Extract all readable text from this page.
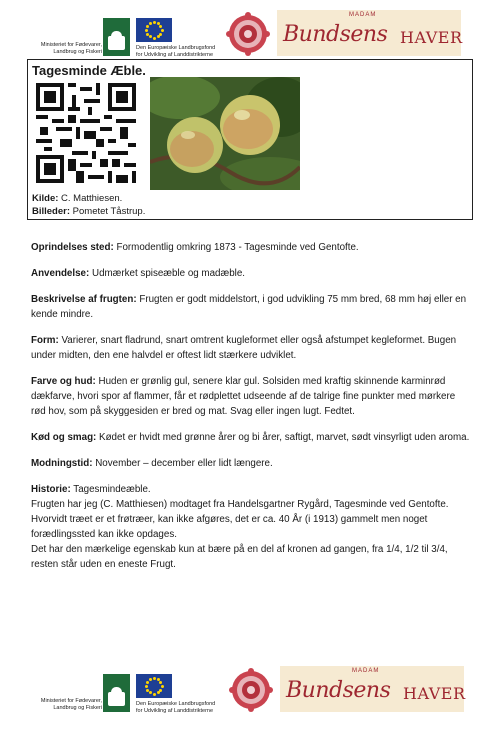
Ministeriet for Fødevarer,
Landbrug og Fiskeri
Den Europæiske Landbrugsfond
for Udvikling af Landdistrikterne
MADAM
Bundsens HAVER
Tagesminde Æble.
Kilde: C. Matthiesen.
Billeder: Pometet Tåstrup.

Oprindelses sted: Formodentlig omkring 1873 - Tagesminde ved Gentofte.

Anvendelse: Udmærket spiseæble og madæble.

Beskrivelse af frugten: Frugten er godt middelstort, i god udvikling 75 mm bred, 68 mm høj eller en kende mindre.

Form: Varierer, snart fladrund, snart omtrent kugleformet eller også afstumpet kegleformet. Bugen under midten, den ene halvdel er oftest lidt stærkere udviklet.

Farve og hud: Huden er grønlig gul, senere klar gul. Solsiden med kraftig skinnende karminrød dækfarve, hvori spor af flammer, får et rødplettet udseende af de talrige fine punkter med mørkere rød hov, som på skyggesiden er bred og mat. Svag eller ingen lugt. Fedtet.

Kød og smag: Kødet er hvidt med grønne årer og bi årer, saftigt, marvet, sødt vinsyrligt uden aroma.

Modningstid: November – december eller lidt længere.

Historie: Tagesmindeæble.
Frugten har jeg (C. Matthiesen) modtaget fra Handelsgartner Rygård, Tagesminde ved Gentofte. Hvorvidt træet er et frøtræer, kan ikke afgøres, det er ca. 40 År (i 1913) gammelt men noget forædlingssted kan ikke opdages.
Det har den mærkelige egenskab kun at bære på en del af kronen ad gangen, fra 1/4, 1/2 til 3/4, resten står uden en eneste Frugt.

Ministeriet for Fødevarer,
Landbrug og Fiskeri
Den Europæiske Landbrugsfond
for Udvikling af Landdistrikterne
MADAM
Bundsens HAVER
